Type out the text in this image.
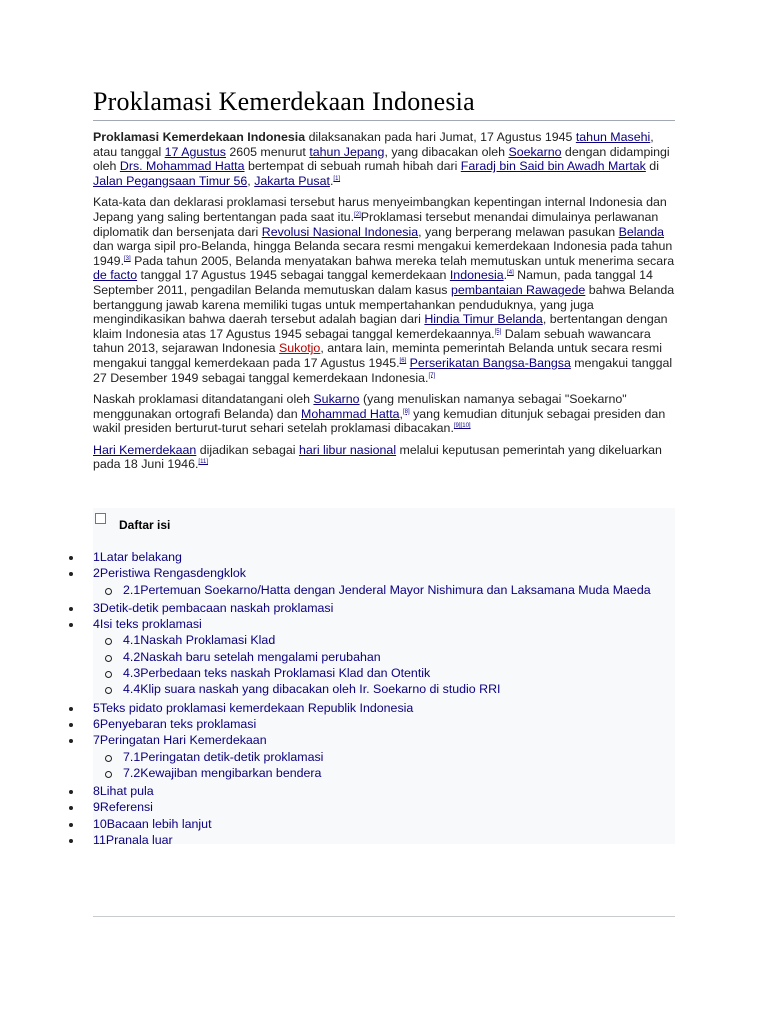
Proklamasi Kemerdekaan Indonesia

Proklamasi Kemerdekaan Indonesia dilaksanakan pada hari Jumat, 17 Agustus 1945 tahun Masehi, atau tanggal 17 Agustus 2605 menurut tahun Jepang, yang dibacakan oleh Soekarno dengan didampingi oleh Drs. Mohammad Hatta bertempat di sebuah rumah hibah dari Faradj bin Said bin Awadh Martak di Jalan Pegangsaan Timur 56, Jakarta Pusat.[1]

Kata-kata dan deklarasi proklamasi tersebut harus menyeimbangkan kepentingan internal Indonesia dan Jepang yang saling bertentangan pada saat itu.[2]Proklamasi tersebut menandai dimulainya perlawanan diplomatik dan bersenjata dari Revolusi Nasional Indonesia, yang berperang melawan pasukan Belanda dan warga sipil pro-Belanda, hingga Belanda secara resmi mengakui kemerdekaan Indonesia pada tahun 1949.[3] Pada tahun 2005, Belanda menyatakan bahwa mereka telah memutuskan untuk menerima secara de facto tanggal 17 Agustus 1945 sebagai tanggal kemerdekaan Indonesia.[4] Namun, pada tanggal 14 September 2011, pengadilan Belanda memutuskan dalam kasus pembantaian Rawagede bahwa Belanda bertanggung jawab karena memiliki tugas untuk mempertahankan penduduknya, yang juga mengindikasikan bahwa daerah tersebut adalah bagian dari Hindia Timur Belanda, bertentangan dengan klaim Indonesia atas 17 Agustus 1945 sebagai tanggal kemerdekaannya.[5] Dalam sebuah wawancara tahun 2013, sejarawan Indonesia Sukotjo, antara lain, meminta pemerintah Belanda untuk secara resmi mengakui tanggal kemerdekaan pada 17 Agustus 1945.[6] Perserikatan Bangsa-Bangsa mengakui tanggal 27 Desember 1949 sebagai tanggal kemerdekaan Indonesia.[7]

Naskah proklamasi ditandatangani oleh Sukarno (yang menuliskan namanya sebagai "Soekarno" menggunakan ortografi Belanda) dan Mohammad Hatta,[8] yang kemudian ditunjuk sebagai presiden dan wakil presiden berturut-turut sehari setelah proklamasi dibacakan.[9][10]

Hari Kemerdekaan dijadikan sebagai hari libur nasional melalui keputusan pemerintah yang dikeluarkan pada 18 Juni 1946.[11]

Daftar isi
1Latar belakang
2Peristiwa Rengasdengklok
2.1Pertemuan Soekarno/Hatta dengan Jenderal Mayor Nishimura dan Laksamana Muda Maeda
3Detik-detik pembacaan naskah proklamasi
4Isi teks proklamasi
4.1Naskah Proklamasi Klad
4.2Naskah baru setelah mengalami perubahan
4.3Perbedaan teks naskah Proklamasi Klad dan Otentik
4.4Klip suara naskah yang dibacakan oleh Ir. Soekarno di studio RRI
5Teks pidato proklamasi kemerdekaan Republik Indonesia
6Penyebaran teks proklamasi
7Peringatan Hari Kemerdekaan
7.1Peringatan detik-detik proklamasi
7.2Kewajiban mengibarkan bendera
8Lihat pula
9Referensi
10Bacaan lebih lanjut
11Pranala luar
